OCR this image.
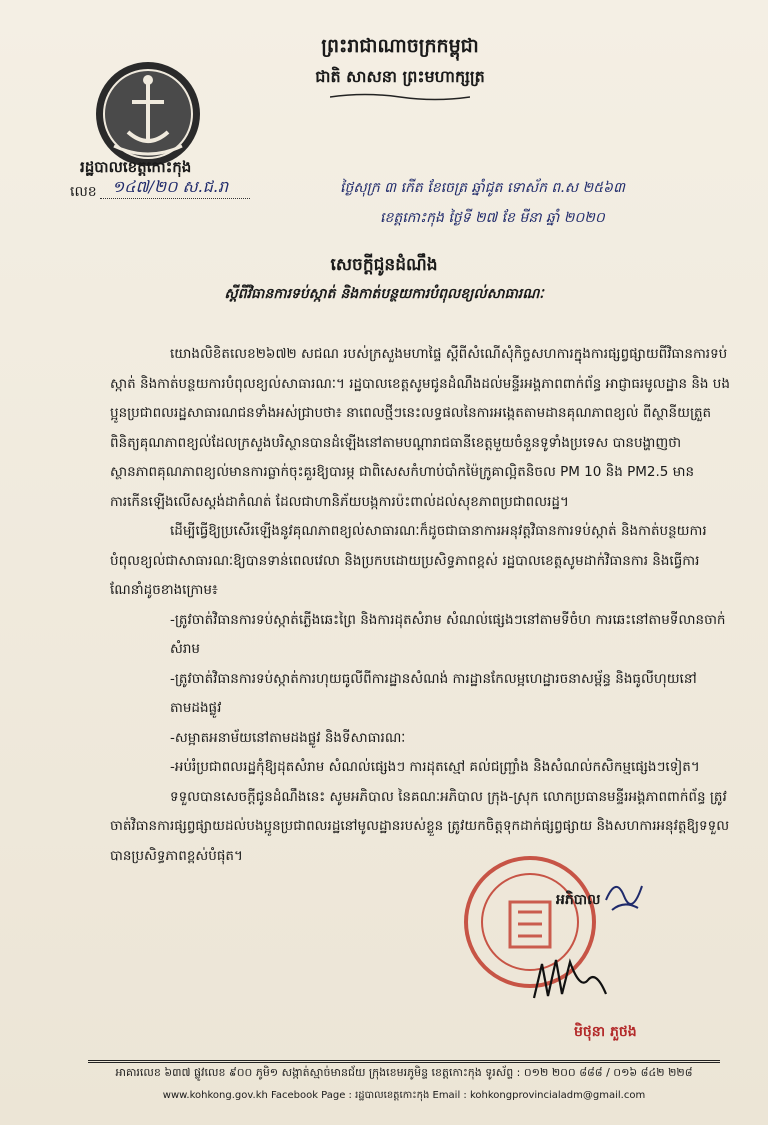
ព្រះរាជាណាចក្រកម្ពុជា
ជាតិ សាសនា ព្រះមហាក្សត្រ
រដ្ឋបាលខេត្តកោះកុង
លេខ ១៤៧/២០ ស.ជ.រា	ថ្ងៃសុក្រ ៣ កើត ខែចេត្រ ឆ្នាំជូត ទោស័ក ព.ស ២៥៦៣
ខេត្តកោះកុង ថ្ងៃទី ២៧ ខែ មីនា ឆ្នាំ ២០២០
សេចក្តីជូនដំណឹង
ស្តីពីវិធានការទប់ស្កាត់ និងកាត់បន្ថយការបំពុលខ្យល់សាធារណៈ

យោងលិខិតលេខ២៦៧២ សជណ របស់ក្រសួងមហាផ្ទៃ ស្តីពីសំណើសុំកិច្ចសហការក្នុងការផ្សព្វផ្សាយពីវិធានការទប់ស្កាត់ និងកាត់បន្ថយការបំពុលខ្យល់សាធារណៈ។ រដ្ឋបាលខេត្តសូមជូនដំណឹងដល់មន្ទីរអង្គភាពពាក់ព័ន្ធ អាជ្ញាធរមូលដ្ឋាន និង បងប្អូនប្រជាពលរដ្ឋសាធារណជនទាំងអស់ជ្រាបថា៖ នាពេលថ្មីៗនេះលទ្ធផលនៃការអង្កេតតាមដានគុណភាពខ្យល់ ពីស្ថានីយត្រួតពិនិត្យគុណភាពខ្យល់ដែលក្រសួងបរិស្ថានបានដំឡើងនៅតាមបណ្តារាជធានីខេត្តមួយចំនួនទូទាំងប្រទេស បានបង្ហាញថា ស្ថានភាពគុណភាពខ្យល់មានការធ្លាក់ចុះគួរឱ្យបារម្ភ ជាពិសេសកំហាប់បាំកម៉ៃក្រូគាល្អិតនិចល PM 10 និង PM2.5 មានការកើនឡើងលើសស្តង់ដាកំណត់ ដែលជាហានិភ័យបង្កការប៉ះពាល់ដល់សុខភាពប្រជាពលរដ្ឋ។

ដើម្បីធ្វើឱ្យប្រសើរឡើងនូវគុណភាពខ្យល់សាធារណៈក៏ដូចជាធានាការអនុវត្តវិធានការទប់ស្កាត់ និងកាត់បន្ថយការបំពុលខ្យល់ជាសាធារណៈឱ្យបានទាន់ពេលវេលា និងប្រកបដោយប្រសិទ្ធភាពខ្ពស់ រដ្ឋបាលខេត្តសូមដាក់វិធានការ និងធ្វើការណែនាំដូចខាងក្រោម៖

-ត្រូវចាត់វិធានការទប់ស្កាត់ភ្លើងឆេះព្រៃ និងការដុតសំរាម សំណល់ផ្សេងៗនៅតាមទីចំហ ការឆេះនៅតាមទីលានចាក់សំរាម

-ត្រូវចាត់វិធានការទប់ស្កាត់ការហុយធូលីពីការដ្ឋានសំណង់ ការដ្ឋានកែលម្អហេដ្ឋារចនាសម្ព័ន្ធ និងធូលីហុយនៅតាមដងផ្លូវ

-សម្អាតអនាម័យនៅតាមដងផ្លូវ និងទីសាធារណៈ

-អប់រំប្រជាពលរដ្ឋកុំឱ្យដុតសំរាម សំណល់ផ្សេងៗ ការដុតស្មៅ គល់ជញ្ជ្រាំង និងសំណល់កសិកម្មផ្សេងៗទៀត។

ទទួលបានសេចក្តីជូនដំណឹងនេះ សូមអភិបាល នៃគណៈអភិបាល ក្រុង-ស្រុក លោកប្រធានមន្ទីរអង្គភាពពាក់ព័ន្ធ ត្រូវចាត់វិធានការផ្សព្វផ្សាយដល់បងប្អូនប្រជាពលរដ្ឋនៅមូលដ្ឋានរបស់ខ្លួន ត្រូវយកចិត្តទុកដាក់ផ្សព្វផ្សាយ និងសហការអនុវត្តឱ្យទទួលបានប្រសិទ្ធភាពខ្ពស់បំផុត។

អភិបាល
មិថុនា ភួថង
អាគារលេខ ៦៣៧ ផ្លូវលេខ ៩០០ ភូមិ១ សង្កាត់ស្មាច់មានជ័យ ក្រុងខេមរភូមិន្ទ ខេត្តកោះកុង ទូរស័ព្ទ : ០១២ ២០០ ៨៨៨ / ០១៦ ៨៤២ ២២៨
www.kohkong.gov.kh Facebook Page : រដ្ឋបាលខេត្តកោះកុង Email : kohkongprovincialadm@gmail.com
